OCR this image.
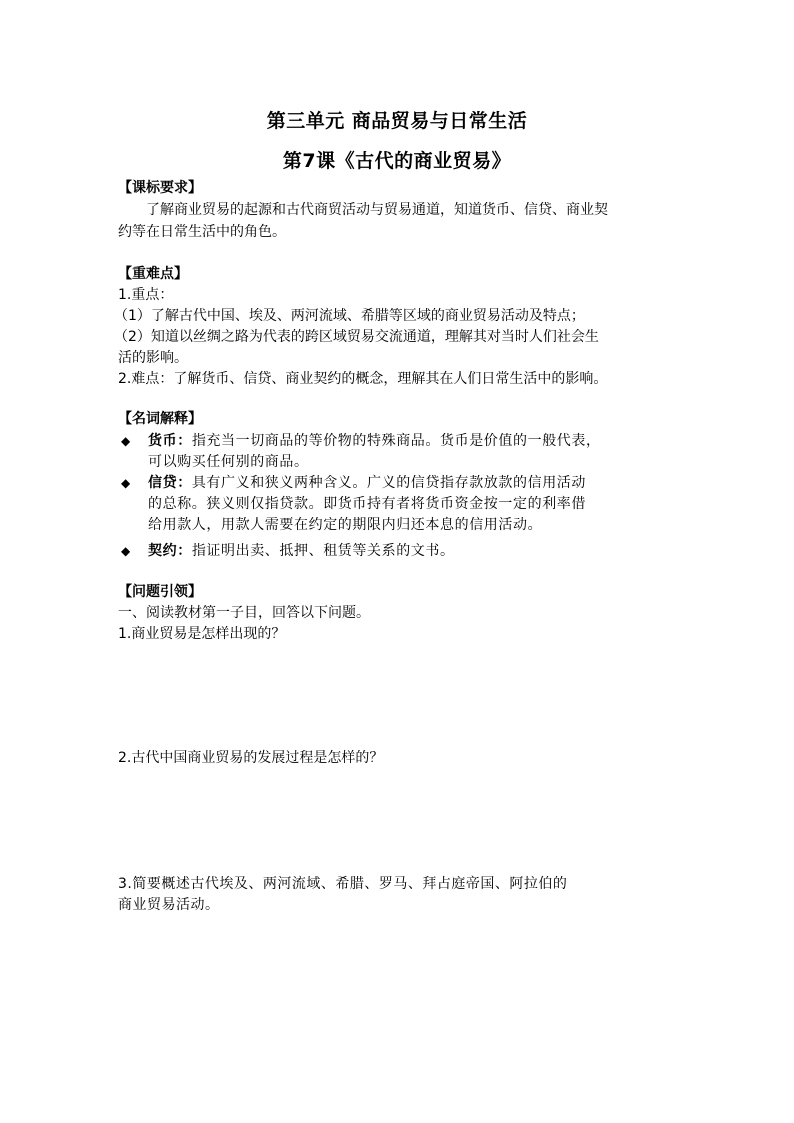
第三单元 商品贸易与日常生活
第7课《古代的商业贸易》
【课标要求】
了解商业贸易的起源和古代商贸活动与贸易通道，知道货币、信贷、商业契
约等在日常生活中的角色。
【重难点】
1.重点：
（1）了解古代中国、埃及、两河流域、希腊等区域的商业贸易活动及特点；
（2）知道以丝绸之路为代表的跨区域贸易交流通道，理解其对当时人们社会生
活的影响。
2.难点：了解货币、信贷、商业契约的概念，理解其在人们日常生活中的影响。
【名词解释】
◆ 货币：指充当一切商品的等价物的特殊商品。货币是价值的一般代表，
可以购买任何别的商品。
◆ 信贷：具有广义和狭义两种含义。广义的信贷指存款放款的信用活动
的总称。狭义则仅指贷款。即货币持有者将货币资金按一定的利率借
给用款人，用款人需要在约定的期限内归还本息的信用活动。
◆ 契约：指证明出卖、抵押、租赁等关系的文书。
【问题引领】
一、阅读教材第一子目，回答以下问题。
1.商业贸易是怎样出现的？
2.古代中国商业贸易的发展过程是怎样的？
3.简要概述古代埃及、两河流域、希腊、罗马、拜占庭帝国、阿拉伯的
商业贸易活动。
